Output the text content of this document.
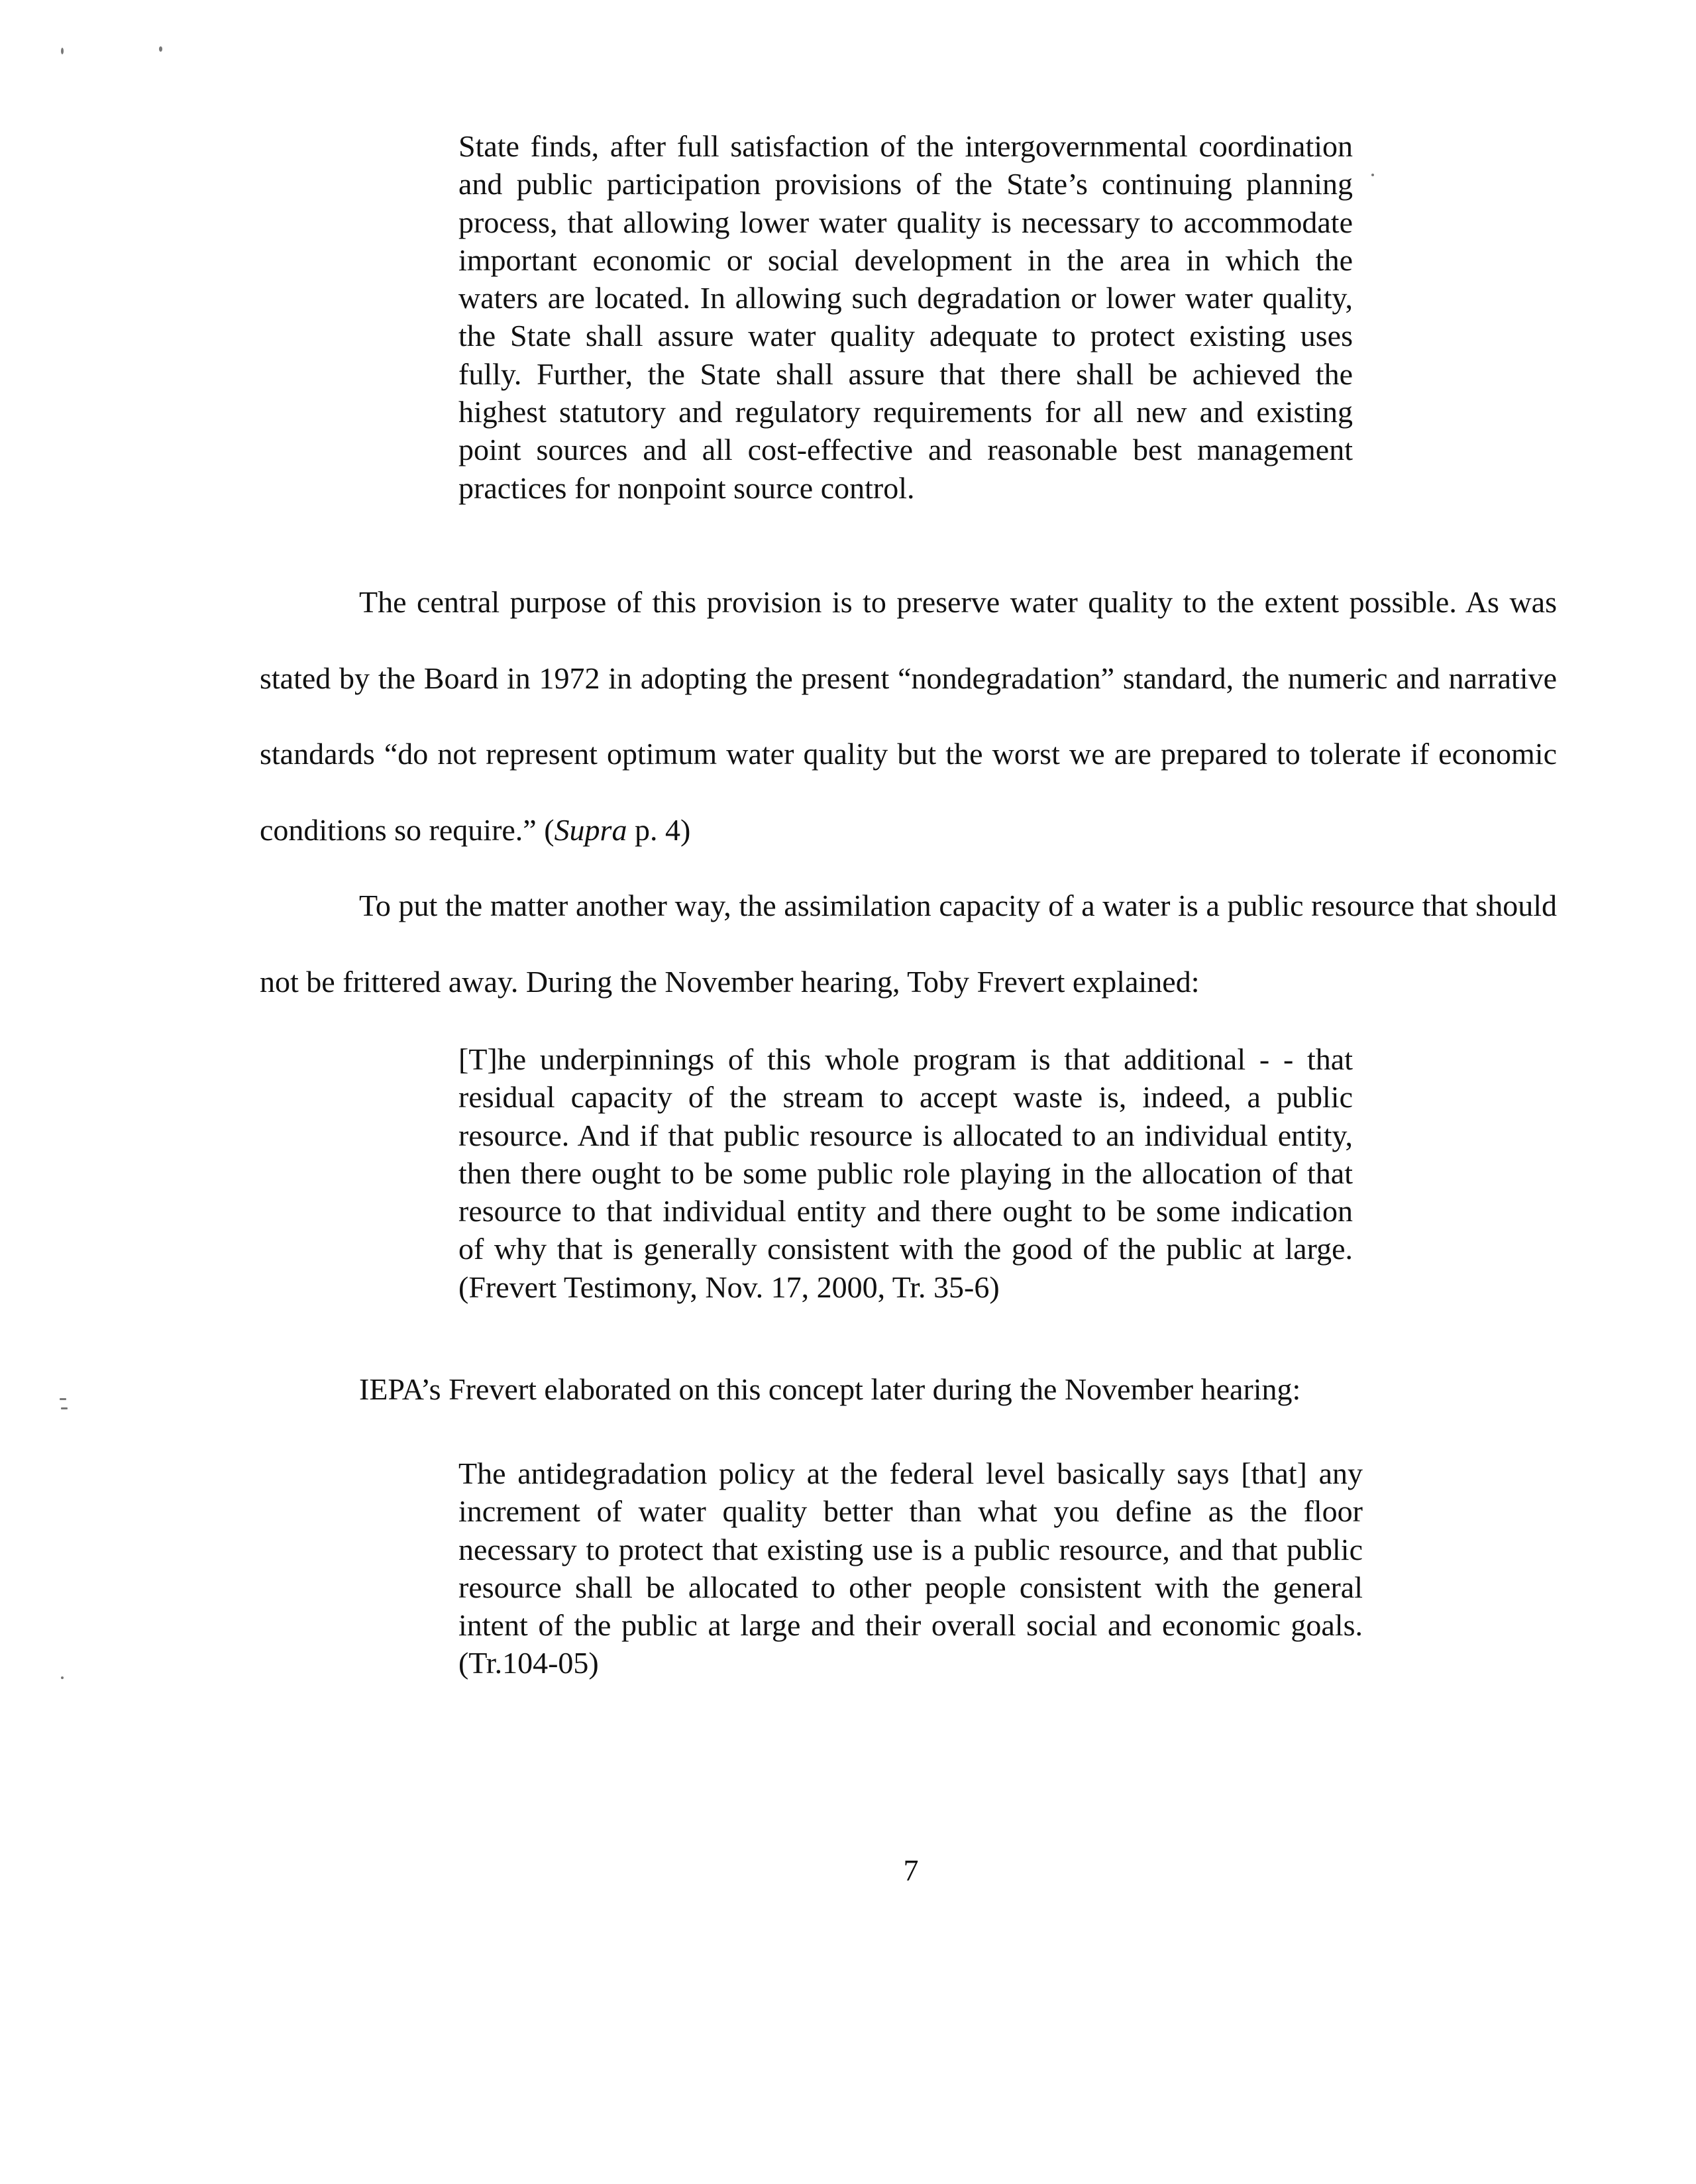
State finds, after full satisfaction of the intergovernmental coordination and public participation provisions of the State’s continuing planning process, that allowing lower water quality is necessary to accommodate important economic or social development in the area in which the waters are located. In allowing such degradation or lower water quality, the State shall assure water quality adequate to protect existing uses fully. Further, the State shall assure that there shall be achieved the highest statutory and regulatory requirements for all new and existing point sources and all cost-effective and reasonable best management practices for nonpoint source control.

The central purpose of this provision is to preserve water quality to the extent possible. As was stated by the Board in 1972 in adopting the present “nondegradation” standard, the numeric and narrative standards “do not represent optimum water quality but the worst we are prepared to tolerate if economic conditions so require.” (Supra p. 4)

To put the matter another way, the assimilation capacity of a water is a public resource that should not be frittered away. During the November hearing, Toby Frevert explained:

[T]he underpinnings of this whole program is that additional - - that residual capacity of the stream to accept waste is, indeed, a public resource. And if that public resource is allocated to an individual entity, then there ought to be some public role playing in the allocation of that resource to that individual entity and there ought to be some indication of why that is generally consistent with the good of the public at large. (Frevert Testimony, Nov. 17, 2000, Tr. 35-6)

IEPA’s Frevert elaborated on this concept later during the November hearing:

The antidegradation policy at the federal level basically says [that] any increment of water quality better than what you define as the floor necessary to protect that existing use is a public resource, and that public resource shall be allocated to other people consistent with the general intent of the public at large and their overall social and economic goals. (Tr.104-05)

7
